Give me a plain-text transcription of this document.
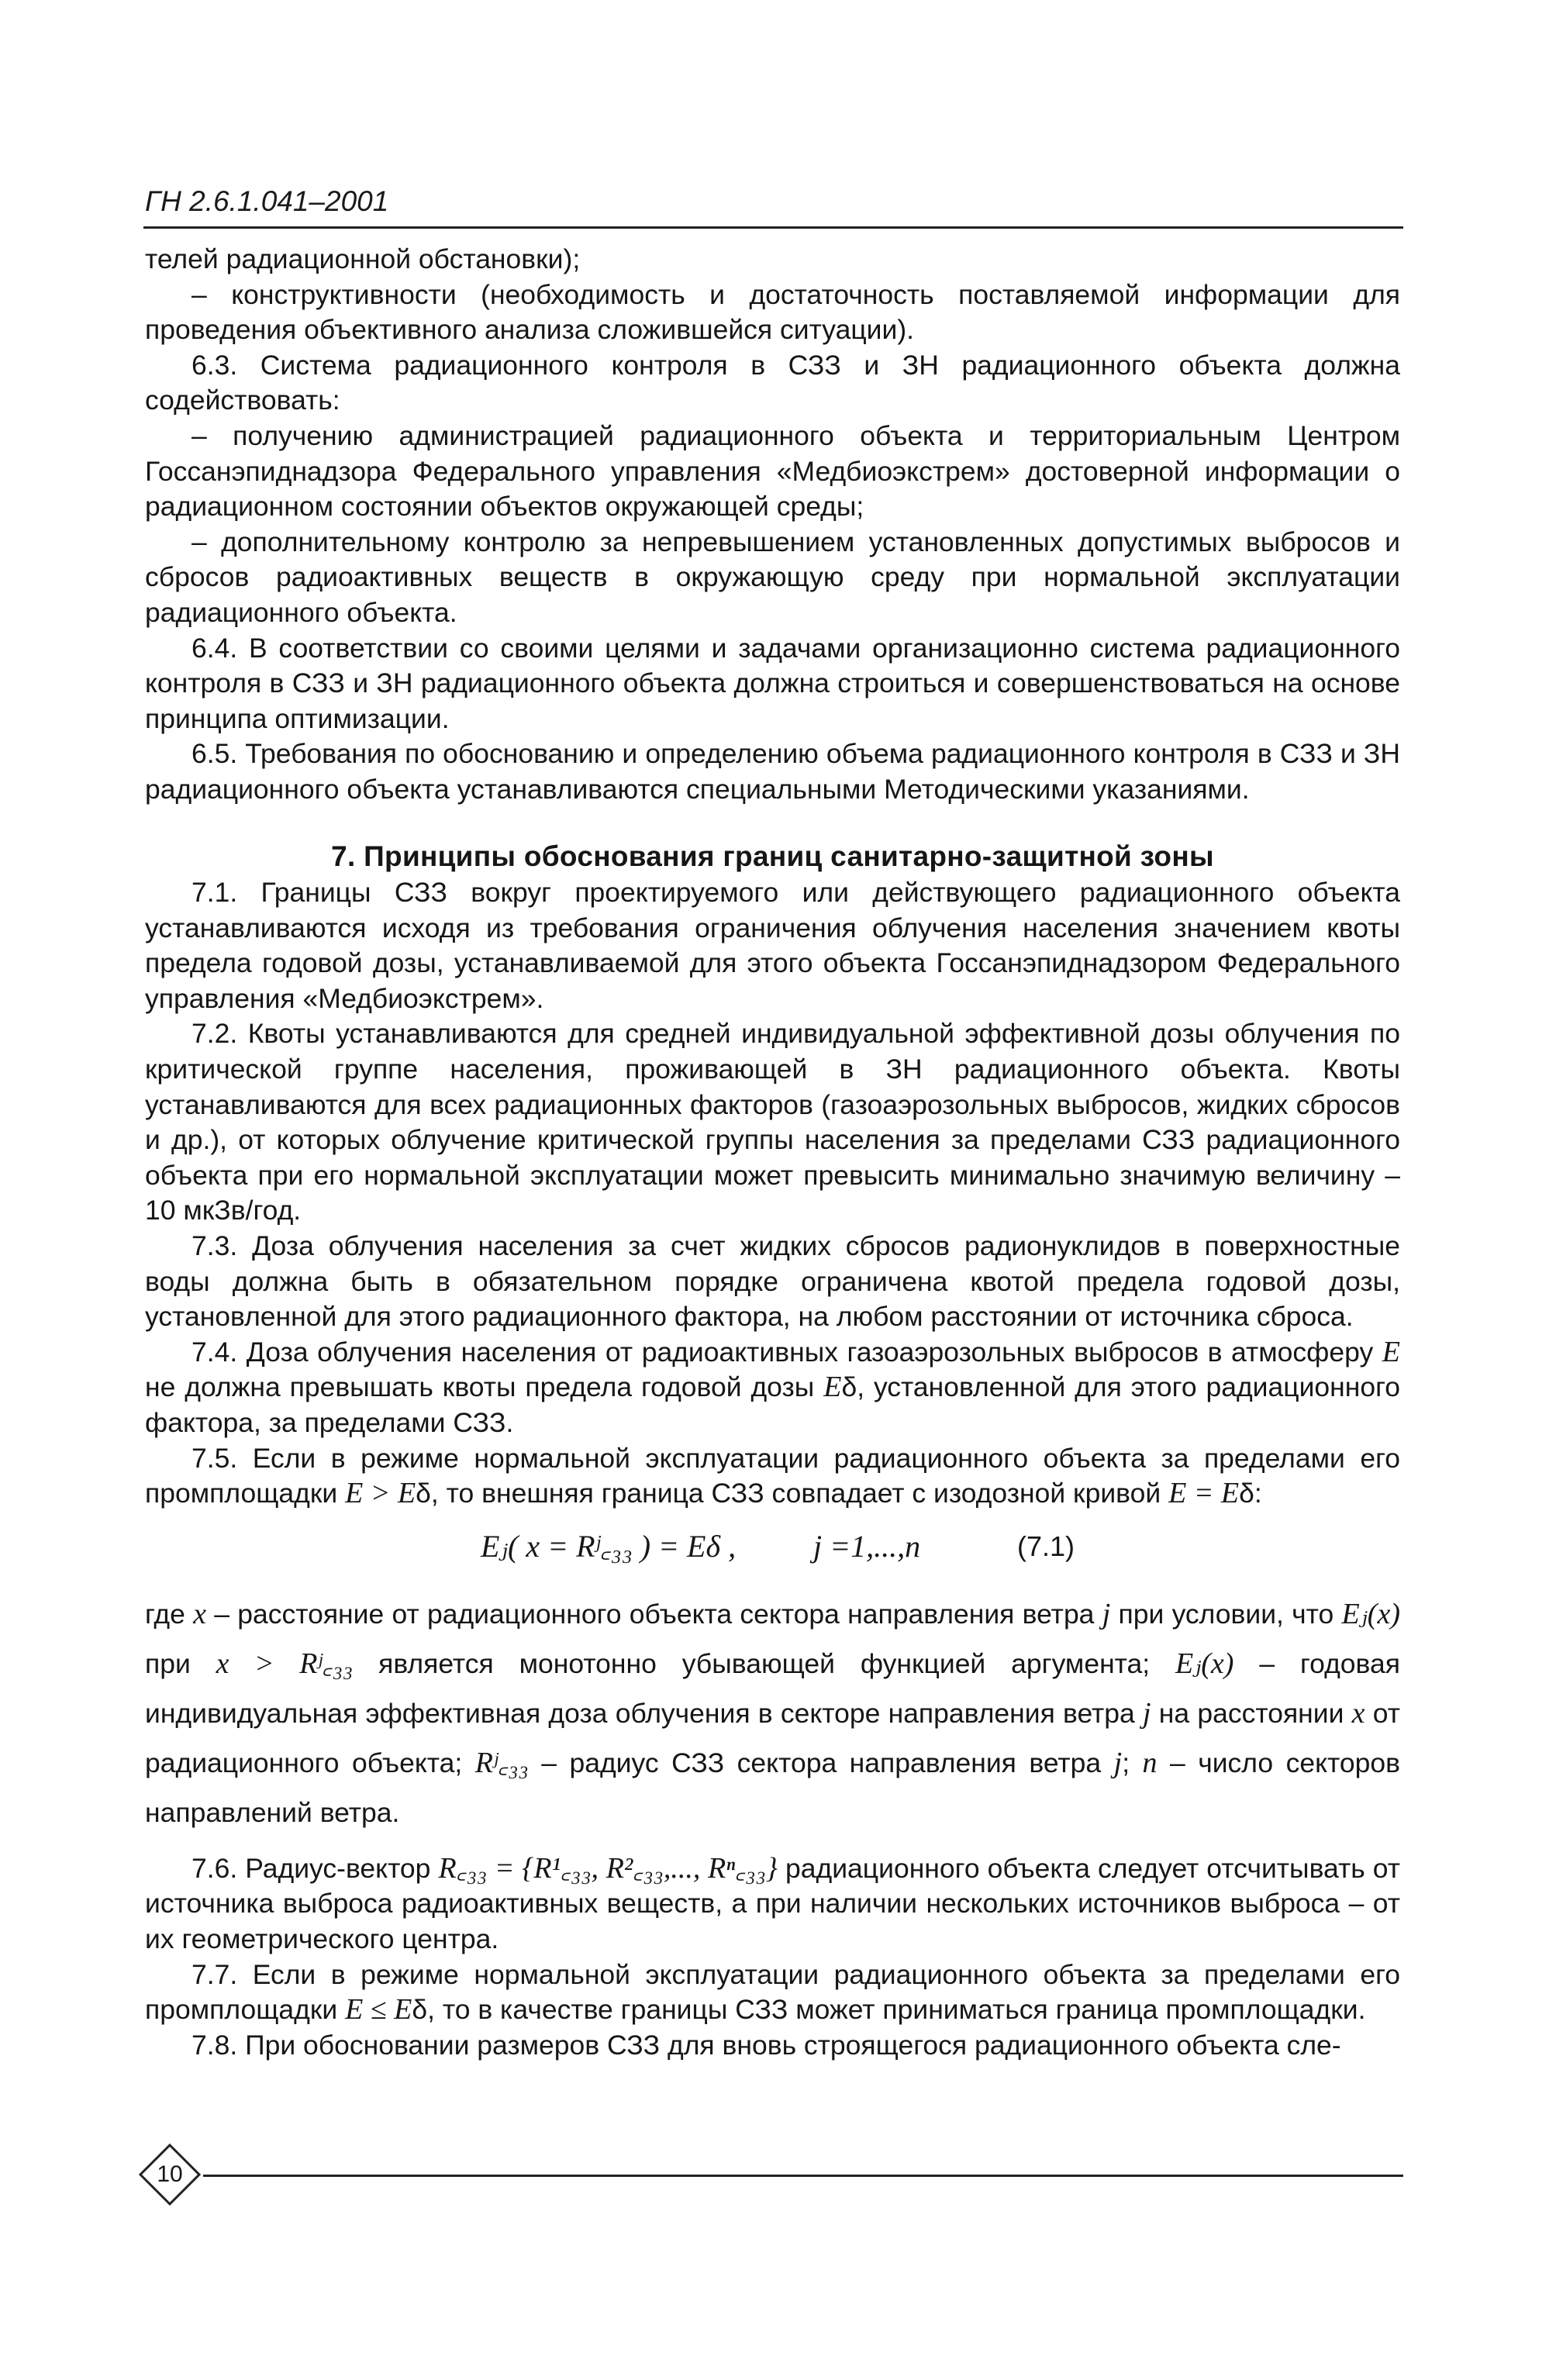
ГН 2.6.1.041–2001

телей радиационной обстановки);

– конструктивности (необходимость и достаточность поставляемой информации для проведения объективного анализа сложившейся ситуации).

6.3. Система радиационного контроля в СЗЗ и ЗН радиационного объекта должна содействовать:

– получению администрацией радиационного объекта и территориальным Центром Госсанэпиднадзора Федерального управления «Медбиоэкстрем» достоверной информации о радиационном состоянии объектов окружающей среды;

– дополнительному контролю за непревышением установленных допустимых выбросов и сбросов радиоактивных веществ в окружающую среду при нормальной эксплуатации радиационного объекта.

6.4. В соответствии со своими целями и задачами организационно система радиационного контроля в СЗЗ и ЗН радиационного объекта должна строиться и совершенствоваться на основе принципа оптимизации.

6.5. Требования по обоснованию и определению объема радиационного контроля в СЗЗ и ЗН радиационного объекта устанавливаются специальными Методическими указаниями.

7. Принципы обоснования границ санитарно-защитной зоны

7.1. Границы СЗЗ вокруг проектируемого или действующего радиационного объекта устанавливаются исходя из требования ограничения облучения населения значением квоты предела годовой дозы, устанавливаемой для этого объекта Госсанэпиднадзором Федерального управления «Медбиоэкстрем».

7.2. Квоты устанавливаются для средней индивидуальной эффективной дозы облучения по критической группе населения, проживающей в ЗН радиационного объекта. Квоты устанавливаются для всех радиационных факторов (газоаэрозольных выбросов, жидких сбросов и др.), от которых облучение критической группы населения за пределами СЗЗ радиационного объекта при его нормальной эксплуатации может превысить минимально значимую величину – 10 мкЗв/год.

7.3. Доза облучения населения за счет жидких сбросов радионуклидов в поверхностные воды должна быть в обязательном порядке ограничена квотой предела годовой дозы, установленной для этого радиационного фактора, на любом расстоянии от источника сброса.

7.4. Доза облучения населения от радиоактивных газоаэрозольных выбросов в атмосферу E не должна превышать квоты предела годовой дозы Eδ, установленной для этого радиационного фактора, за пределами СЗЗ.

7.5. Если в режиме нормальной эксплуатации радиационного объекта за пределами его промплощадки E > Eδ, то внешняя граница СЗЗ совпадает с изодозной кривой E = Eδ:

Eⱼ( x = Rʲ꜀₃₃ ) = Eδ , j =1,...,n	(7.1)

где x – расстояние от радиационного объекта сектора направления ветра j при условии, что Eⱼ(x) при x > Rʲ꜀₃₃ является монотонно убывающей функцией аргумента; Eⱼ(x) – годовая индивидуальная эффективная доза облучения в секторе направления ветра j на расстоянии x от радиационного объекта; Rʲ꜀₃₃ – радиус СЗЗ сектора направления ветра j; n – число секторов направлений ветра.

7.6. Радиус-вектор R꜀₃₃ = {R¹꜀₃₃, R²꜀₃₃,..., Rⁿ꜀₃₃} радиационного объекта следует отсчитывать от источника выброса радиоактивных веществ, а при наличии нескольких источников выброса – от их геометрического центра.

7.7. Если в режиме нормальной эксплуатации радиационного объекта за пределами его промплощадки E ≤ Eδ, то в качестве границы СЗЗ может приниматься граница промплощадки.

7.8. При обосновании размеров СЗЗ для вновь строящегося радиационного объекта сле-

10
